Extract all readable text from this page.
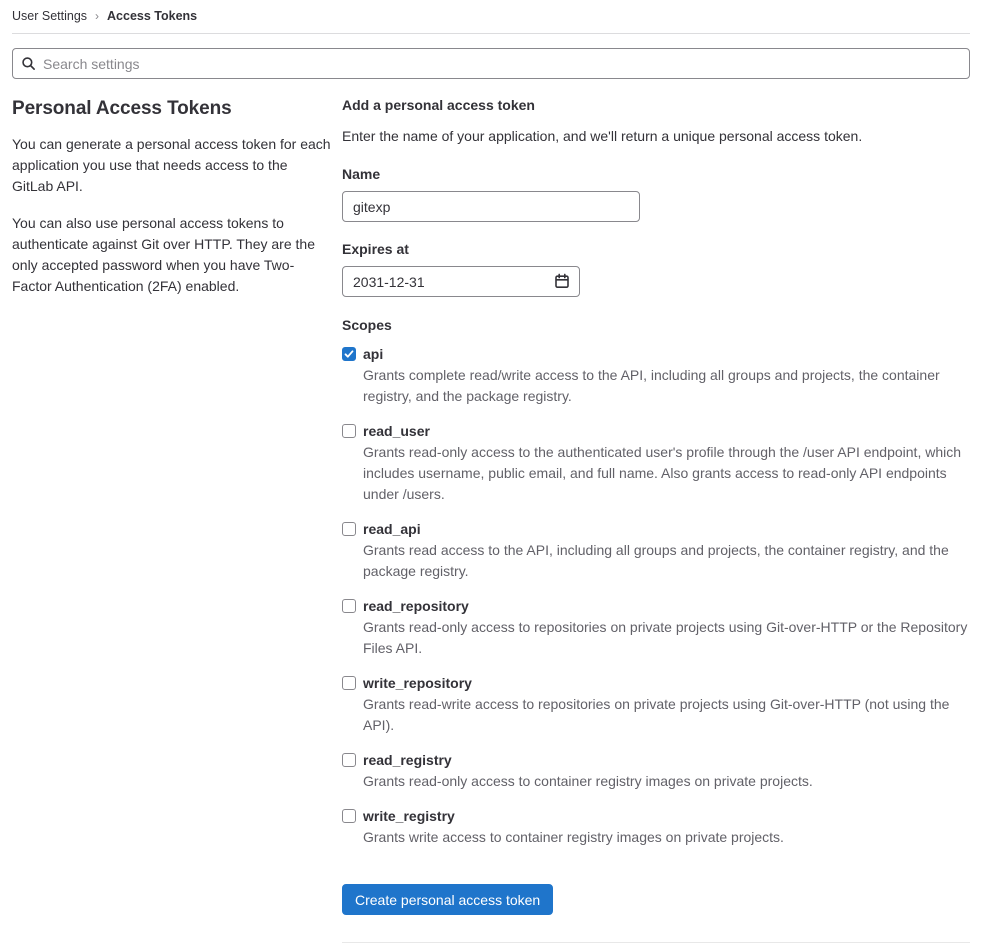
User Settings › Access Tokens
Search settings
Personal Access Tokens

You can generate a personal access token for each application you use that needs access to the GitLab API.

You can also use personal access tokens to authenticate against Git over HTTP. They are the only accepted password when you have Two-Factor Authentication (2FA) enabled.

Add a personal access token

Enter the name of your application, and we'll return a unique personal access token.

Name
gitexp
Expires at
2031-12-31
Scopes
api
Grants complete read/write access to the API, including all groups and projects, the container registry, and the package registry.
read_user
Grants read-only access to the authenticated user's profile through the /user API endpoint, which includes username, public email, and full name. Also grants access to read-only API endpoints under /users.
read_api
Grants read access to the API, including all groups and projects, the container registry, and the package registry.
read_repository
Grants read-only access to repositories on private projects using Git-over-HTTP or the Repository Files API.
write_repository
Grants read-write access to repositories on private projects using Git-over-HTTP (not using the API).
read_registry
Grants read-only access to container registry images on private projects.
write_registry
Grants write access to container registry images on private projects.
Create personal access token
